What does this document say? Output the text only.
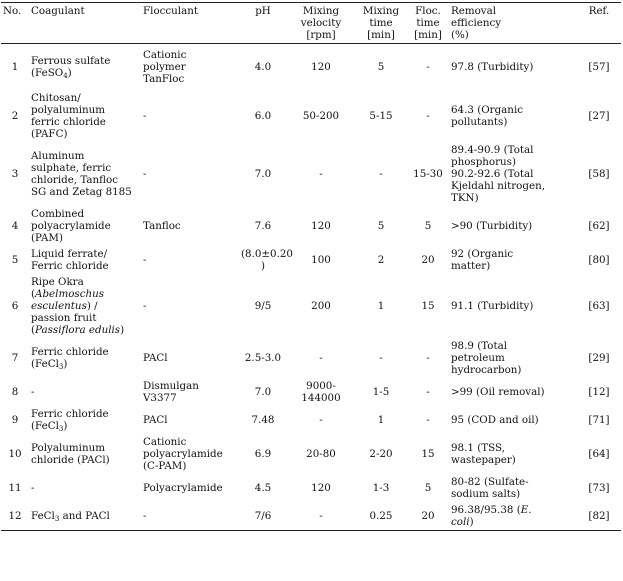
No.	Coagulant	Flocculant	pH	Mixing
velocity
[rpm]	Mixing
time
[min]	Floc.
time
[min]	Removal
efficiency
(%)	Ref.
1	Ferrous sulfate
(FeSO$_4$)	Cationic
polymer
TanFloc	4.0	120	5	-	97.8 (Turbidity)	[57]
2	Chitosan/
polyaluminum
ferric chloride
(PAFC)	-	6.0	50-200	5-15	-	64.3 (Organic
pollutants)	[27]
3	Aluminum
sulphate, ferric
chloride, Tanfloc
SG and Zetag 8185	-	7.0	-	-	15-30	89.4-90.9 (Total
phosphorus)
90.2-92.6 (Total
Kjeldahl nitrogen,
TKN)	[58]
4	Combined
polyacrylamide
(PAM)	Tanfloc	7.6	120	5	5	>90 (Turbidity)	[62]
5	Liquid ferrate/
Ferric chloride	-	(8.0±0.20 )	100	2	20	92 (Organic
matter)	[80]
6	Ripe Okra
(Abelmoschus
esculentus) /
passion fruit
(Passiflora edulis)	-	9/5	200	1	15	91.1 (Turbidity)	[63]
7	Ferric chloride
(FeCl$_3$)	PACl	2.5-3.0	-	-	-	98.9 (Total
petroleum
hydrocarbon)	[29]
8	-	Dismulgan
V3377	7.0	9000-144000	1-5	-	>99 (Oil removal)	[12]
9	Ferric chloride
(FeCl$_3$)	PACl	7.48	-	1	-	95 (COD and oil)	[71]
10	Polyaluminum
chloride (PACl)	Cationic
polyacrylamide
(C-PAM)	6.9	20-80	2-20	15	98.1 (TSS,
wastepaper)	[64]
11	-	Polyacrylamide	4.5	120	1-3	5	80-82 (Sulfate-
sodium salts)	[73]
12	FeCl$_3$ and PACl	-	7/6	-	0.25	20	96.38/95.38 (E.
coli)	[82]
